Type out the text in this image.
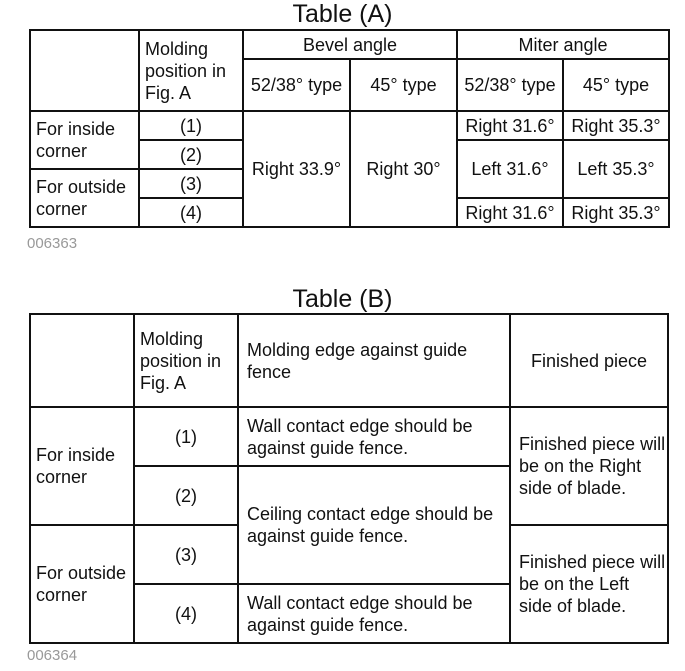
Table (A)
	Molding position in Fig. A	Bevel angle		Miter angle	
		52/38° type	45° type	52/38° type	45° type
For inside corner	(1)	Right 33.9°	Right 30°	Right 31.6°	Right 35.3°
	(2)			Left 31.6°	Left 35.3°
For outside corner	(3)				
	(4)			Right 31.6°	Right 35.3°
006363
Table (B)
	Molding position in Fig. A	Molding edge against guide fence	Finished piece
For inside corner	(1)	Wall contact edge should be against guide fence.	Finished piece will be on the Right side of blade.
	(2)	Ceiling contact edge should be against guide fence.	
For outside corner	(3)		Finished piece will be on the Left side of blade.
	(4)	Wall contact edge should be against guide fence.	
006364
